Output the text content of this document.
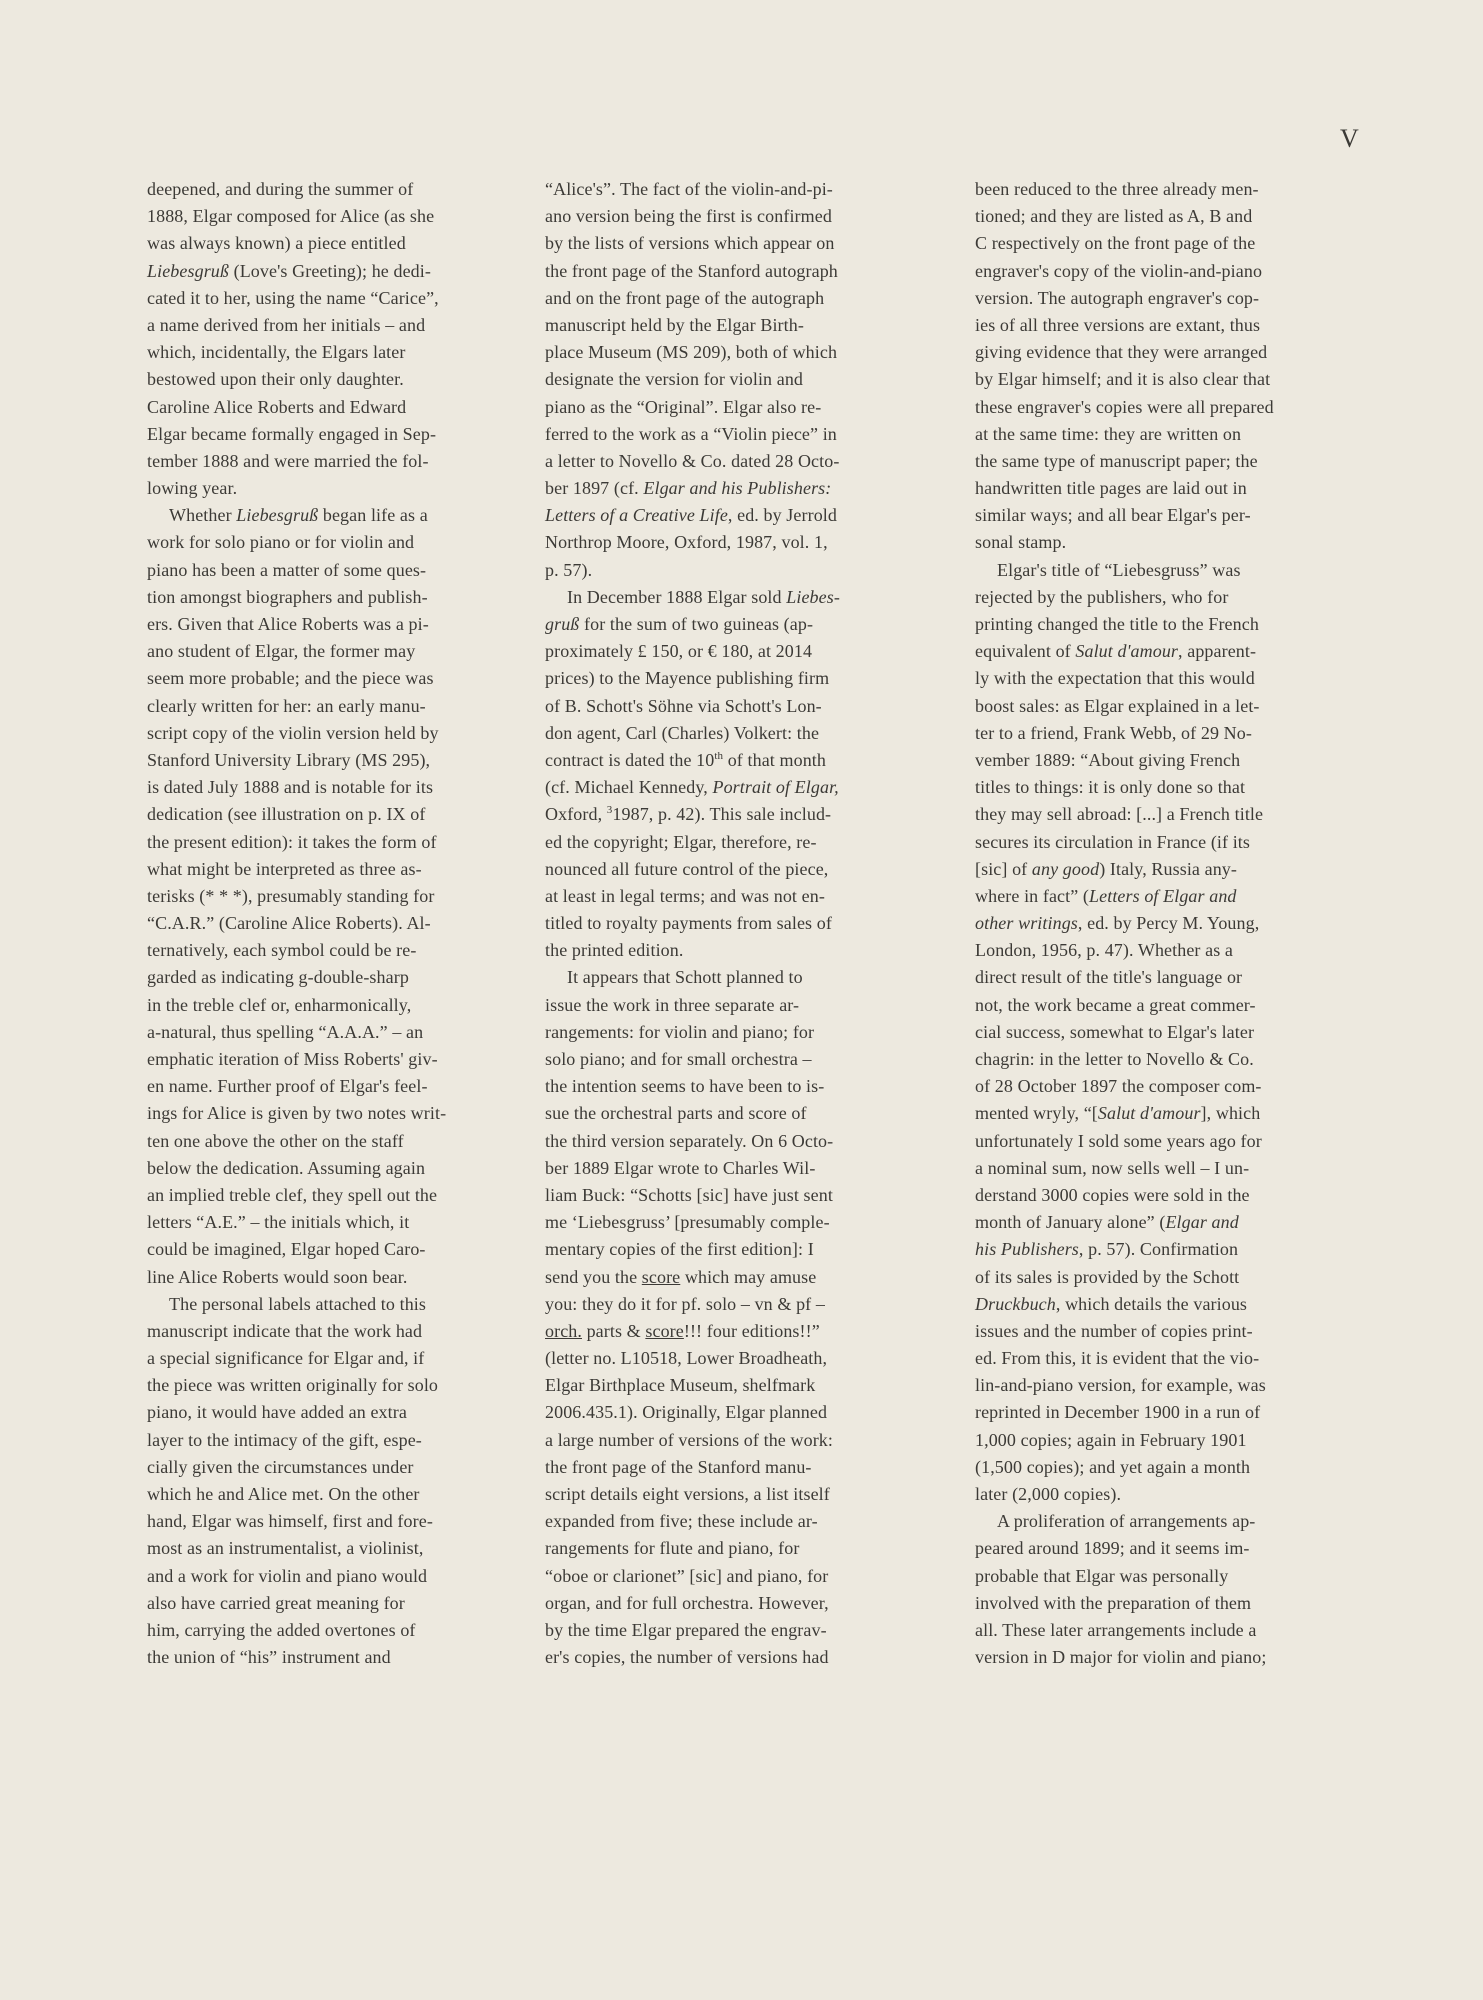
V
deepened, and during the summer of
1888, Elgar composed for Alice (as she
was always known) a piece entitled
Liebesgruß (Love's Greeting); he dedi-
cated it to her, using the name “Carice”,
a name derived from her initials – and
which, incidentally, the Elgars later
bestowed upon their only daughter.
Caroline Alice Roberts and Edward
Elgar became formally engaged in Sep-
tember 1888 and were married the fol-
lowing year.
Whether Liebesgruß began life as a
work for solo piano or for violin and
piano has been a matter of some ques-
tion amongst biographers and publish-
ers. Given that Alice Roberts was a pi-
ano student of Elgar, the former may
seem more probable; and the piece was
clearly written for her: an early manu-
script copy of the violin version held by
Stanford University Library (MS 295),
is dated July 1888 and is notable for its
dedication (see illustration on p. IX of
the present edition): it takes the form of
what might be interpreted as three as-
terisks (* * *), presumably standing for
“C.A.R.” (Caroline Alice Roberts). Al-
ternatively, each symbol could be re-
garded as indicating g-double-sharp
in the treble clef or, enharmonically,
a-natural, thus spelling “A.A.A.” – an
emphatic iteration of Miss Roberts' giv-
en name. Further proof of Elgar's feel-
ings for Alice is given by two notes writ-
ten one above the other on the staff
below the dedication. Assuming again
an implied treble clef, they spell out the
letters “A.E.” – the initials which, it
could be imagined, Elgar hoped Caro-
line Alice Roberts would soon bear.
The personal labels attached to this
manuscript indicate that the work had
a special significance for Elgar and, if
the piece was written originally for solo
piano, it would have added an extra
layer to the intimacy of the gift, espe-
cially given the circumstances under
which he and Alice met. On the other
hand, Elgar was himself, first and fore-
most as an instrumentalist, a violinist,
and a work for violin and piano would
also have carried great meaning for
him, carrying the added overtones of
the union of “his” instrument and
“Alice's”. The fact of the violin-and-pi-
ano version being the first is confirmed
by the lists of versions which appear on
the front page of the Stanford autograph
and on the front page of the autograph
manuscript held by the Elgar Birth-
place Museum (MS 209), both of which
designate the version for violin and
piano as the “Original”. Elgar also re-
ferred to the work as a “Violin piece” in
a letter to Novello & Co. dated 28 Octo-
ber 1897 (cf. Elgar and his Publishers:
Letters of a Creative Life, ed. by Jerrold
Northrop Moore, Oxford, 1987, vol. 1,
p. 57).
In December 1888 Elgar sold Liebes-
gruß for the sum of two guineas (ap-
proximately £ 150, or € 180, at 2014
prices) to the Mayence publishing firm
of B. Schott's Söhne via Schott's Lon-
don agent, Carl (Charles) Volkert: the
contract is dated the 10th of that month
(cf. Michael Kennedy, Portrait of Elgar,
Oxford, $^3$1987, p. 42). This sale includ-
ed the copyright; Elgar, therefore, re-
nounced all future control of the piece,
at least in legal terms; and was not en-
titled to royalty payments from sales of
the printed edition.
It appears that Schott planned to
issue the work in three separate ar-
rangements: for violin and piano; for
solo piano; and for small orchestra –
the intention seems to have been to is-
sue the orchestral parts and score of
the third version separately. On 6 Octo-
ber 1889 Elgar wrote to Charles Wil-
liam Buck: “Schotts [sic] have just sent
me ‘Liebesgruss’ [presumably comple-
mentary copies of the first edition]: I
send you the score which may amuse
you: they do it for pf. solo – vn & pf –
orch. parts & score!!! four editions!!”
(letter no. L10518, Lower Broadheath,
Elgar Birthplace Museum, shelfmark
2006.435.1). Originally, Elgar planned
a large number of versions of the work:
the front page of the Stanford manu-
script details eight versions, a list itself
expanded from five; these include ar-
rangements for flute and piano, for
“oboe or clarionet” [sic] and piano, for
organ, and for full orchestra. However,
by the time Elgar prepared the engrav-
er's copies, the number of versions had
been reduced to the three already men-
tioned; and they are listed as A, B and
C respectively on the front page of the
engraver's copy of the violin-and-piano
version. The autograph engraver's cop-
ies of all three versions are extant, thus
giving evidence that they were arranged
by Elgar himself; and it is also clear that
these engraver's copies were all prepared
at the same time: they are written on
the same type of manuscript paper; the
handwritten title pages are laid out in
similar ways; and all bear Elgar's per-
sonal stamp.
Elgar's title of “Liebesgruss” was
rejected by the publishers, who for
printing changed the title to the French
equivalent of Salut d'amour, apparent-
ly with the expectation that this would
boost sales: as Elgar explained in a let-
ter to a friend, Frank Webb, of 29 No-
vember 1889: “About giving French
titles to things: it is only done so that
they may sell abroad: [...] a French title
secures its circulation in France (if its
[sic] of any good) Italy, Russia any-
where in fact” (Letters of Elgar and
other writings, ed. by Percy M. Young,
London, 1956, p. 47). Whether as a
direct result of the title's language or
not, the work became a great commer-
cial success, somewhat to Elgar's later
chagrin: in the letter to Novello & Co.
of 28 October 1897 the composer com-
mented wryly, “[Salut d'amour], which
unfortunately I sold some years ago for
a nominal sum, now sells well – I un-
derstand 3000 copies were sold in the
month of January alone” (Elgar and
his Publishers, p. 57). Confirmation
of its sales is provided by the Schott
Druckbuch, which details the various
issues and the number of copies print-
ed. From this, it is evident that the vio-
lin-and-piano version, for example, was
reprinted in December 1900 in a run of
1,000 copies; again in February 1901
(1,500 copies); and yet again a month
later (2,000 copies).
A proliferation of arrangements ap-
peared around 1899; and it seems im-
probable that Elgar was personally
involved with the preparation of them
all. These later arrangements include a
version in D major for violin and piano;
